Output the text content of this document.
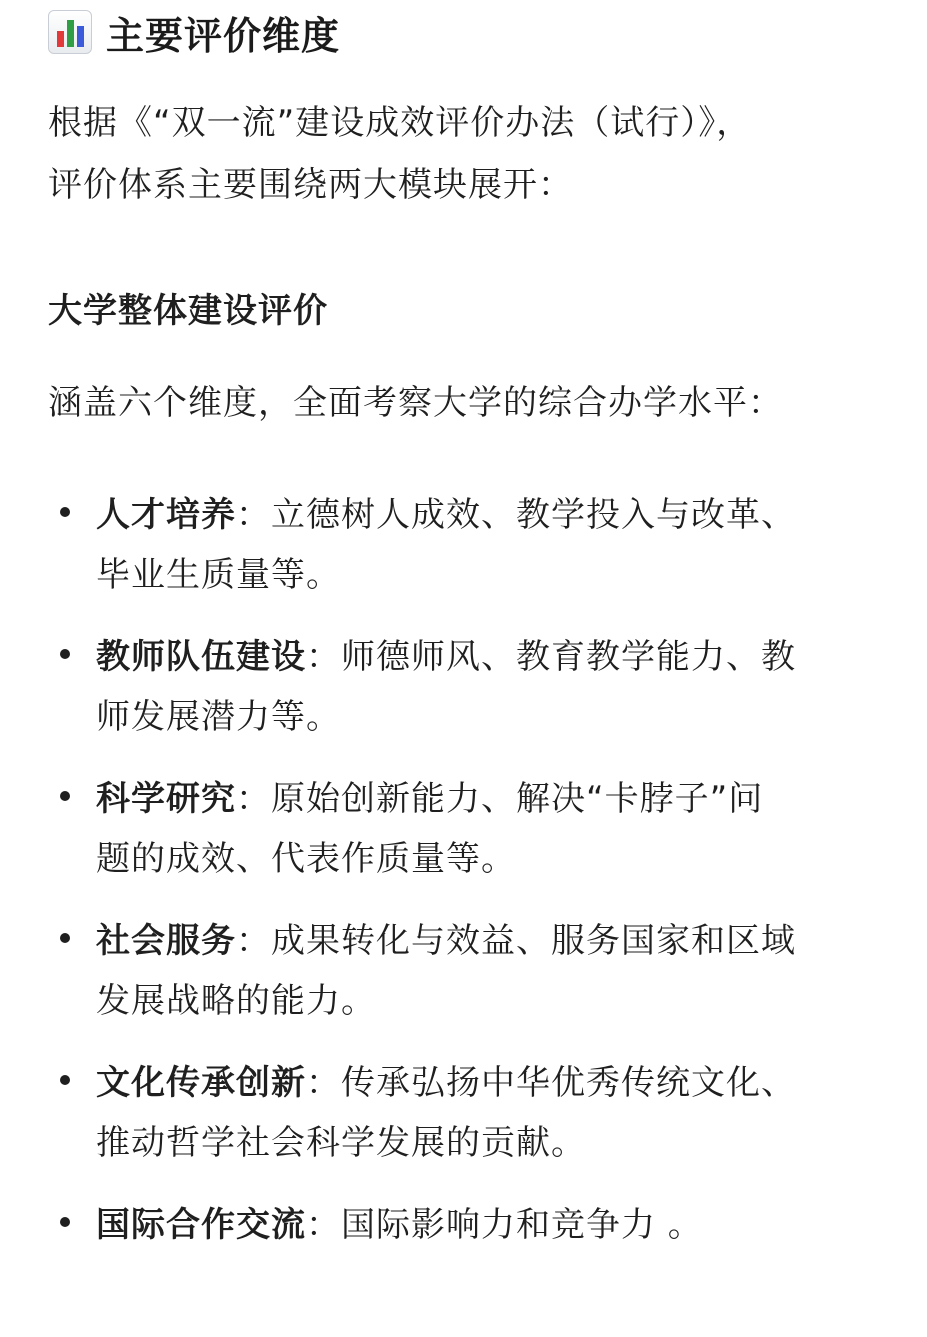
主要评价维度
根据《“双一流”建设成效评价办法（试行）》，
评价体系主要围绕两大模块展开：
大学整体建设评价
涵盖六个维度，全面考察大学的综合办学水平：
人才培养：立德树人成效、教学投入与改革、
毕业生质量等。
教师队伍建设：师德师风、教育教学能力、教
师发展潜力等。
科学研究：原始创新能力、解决“卡脖子”问
题的成效、代表作质量等。
社会服务：成果转化与效益、服务国家和区域
发展战略的能力。
文化传承创新：传承弘扬中华优秀传统文化、
推动哲学社会科学发展的贡献。
国际合作交流：国际影响力和竞争力 。
